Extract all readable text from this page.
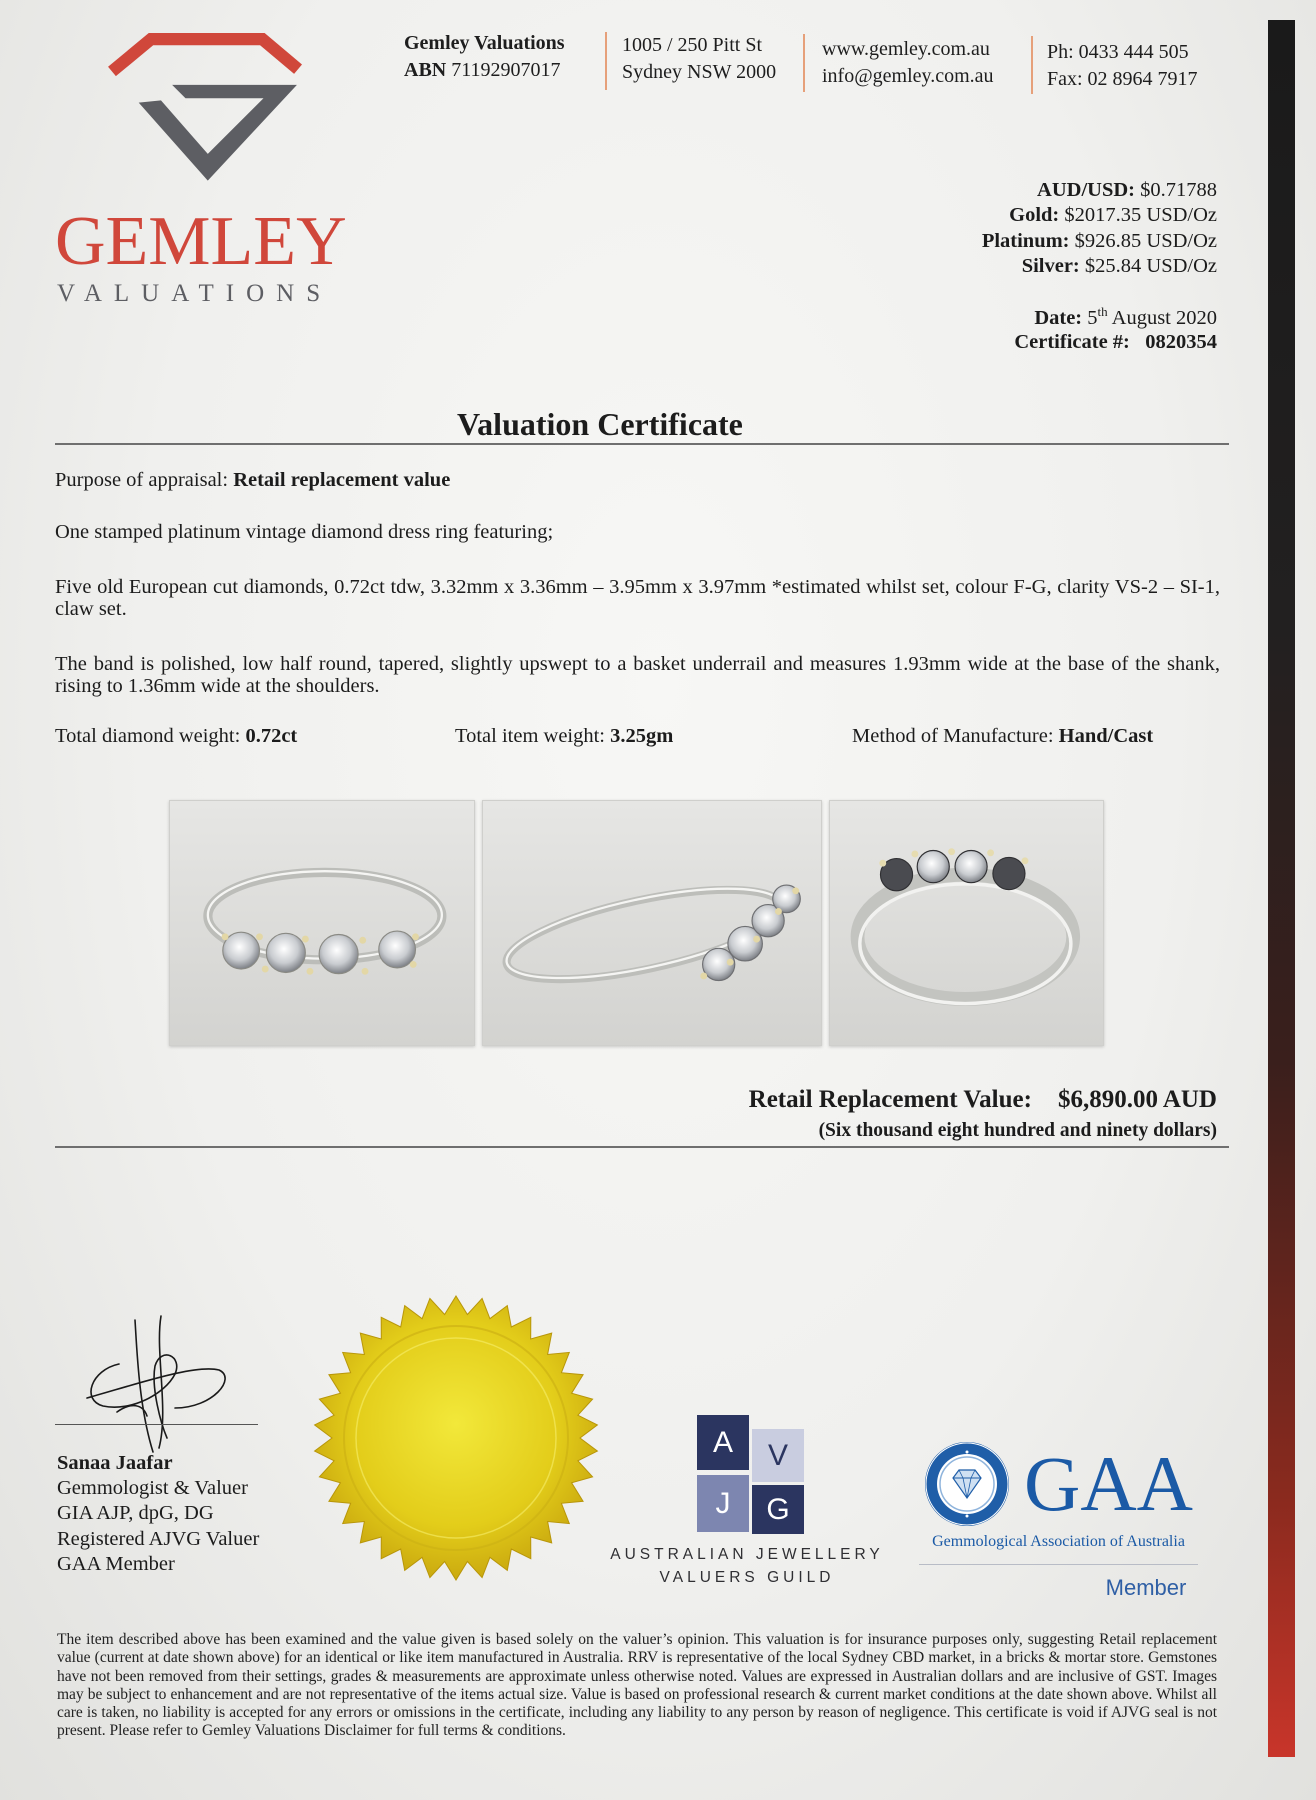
GEMLEY
VALUATIONS
Gemley Valuations
ABN 71192907017
1005 / 250 Pitt St
Sydney NSW 2000
www.gemley.com.au
info@gemley.com.au
Ph: 0433 444 505
Fax: 02 8964 7917
AUD/USD: $0.71788
Gold: $2017.35 USD/Oz
Platinum: $926.85 USD/Oz
Silver: $25.84 USD/Oz
Date: 5th August 2020
Certificate #: 0820354
Valuation Certificate
Purpose of appraisal: Retail replacement value
One stamped platinum vintage diamond dress ring featuring;
Five old European cut diamonds, 0.72ct tdw, 3.32mm x 3.36mm – 3.95mm x 3.97mm *estimated whilst set, colour F-G, clarity VS-2 – SI-1, claw set.
The band is polished, low half round, tapered, slightly upswept to a basket underrail and measures 1.93mm wide at the base of the shank, rising to 1.36mm wide at the shoulders.
Total diamond weight: 0.72ct	Total item weight: 3.25gm	Method of Manufacture: Hand/Cast
Retail Replacement Value: $6,890.00 AUD
(Six thousand eight hundred and ninety dollars)
Sanaa Jaafar
Gemmologist & Valuer
GIA AJP, dpG, DG
Registered AJVG Valuer
GAA Member
A	V
J	G
AUSTRALIAN JEWELLERY
VALUERS GUILD
GAA
Gemmological Association of Australia
Member
The item described above has been examined and the value given is based solely on the valuer’s opinion. This valuation is for insurance purposes only, suggesting Retail replacement value (current at date shown above) for an identical or like item manufactured in Australia. RRV is representative of the local Sydney CBD market, in a bricks & mortar store. Gemstones have not been removed from their settings, grades & measurements are approximate unless otherwise noted. Values are expressed in Australian dollars and are inclusive of GST. Images may be subject to enhancement and are not representative of the items actual size. Value is based on professional research & current market conditions at the date shown above. Whilst all care is taken, no liability is accepted for any errors or omissions in the certificate, including any liability to any person by reason of negligence. This certificate is void if AJVG seal is not present. Please refer to Gemley Valuations Disclaimer for full terms & conditions.
